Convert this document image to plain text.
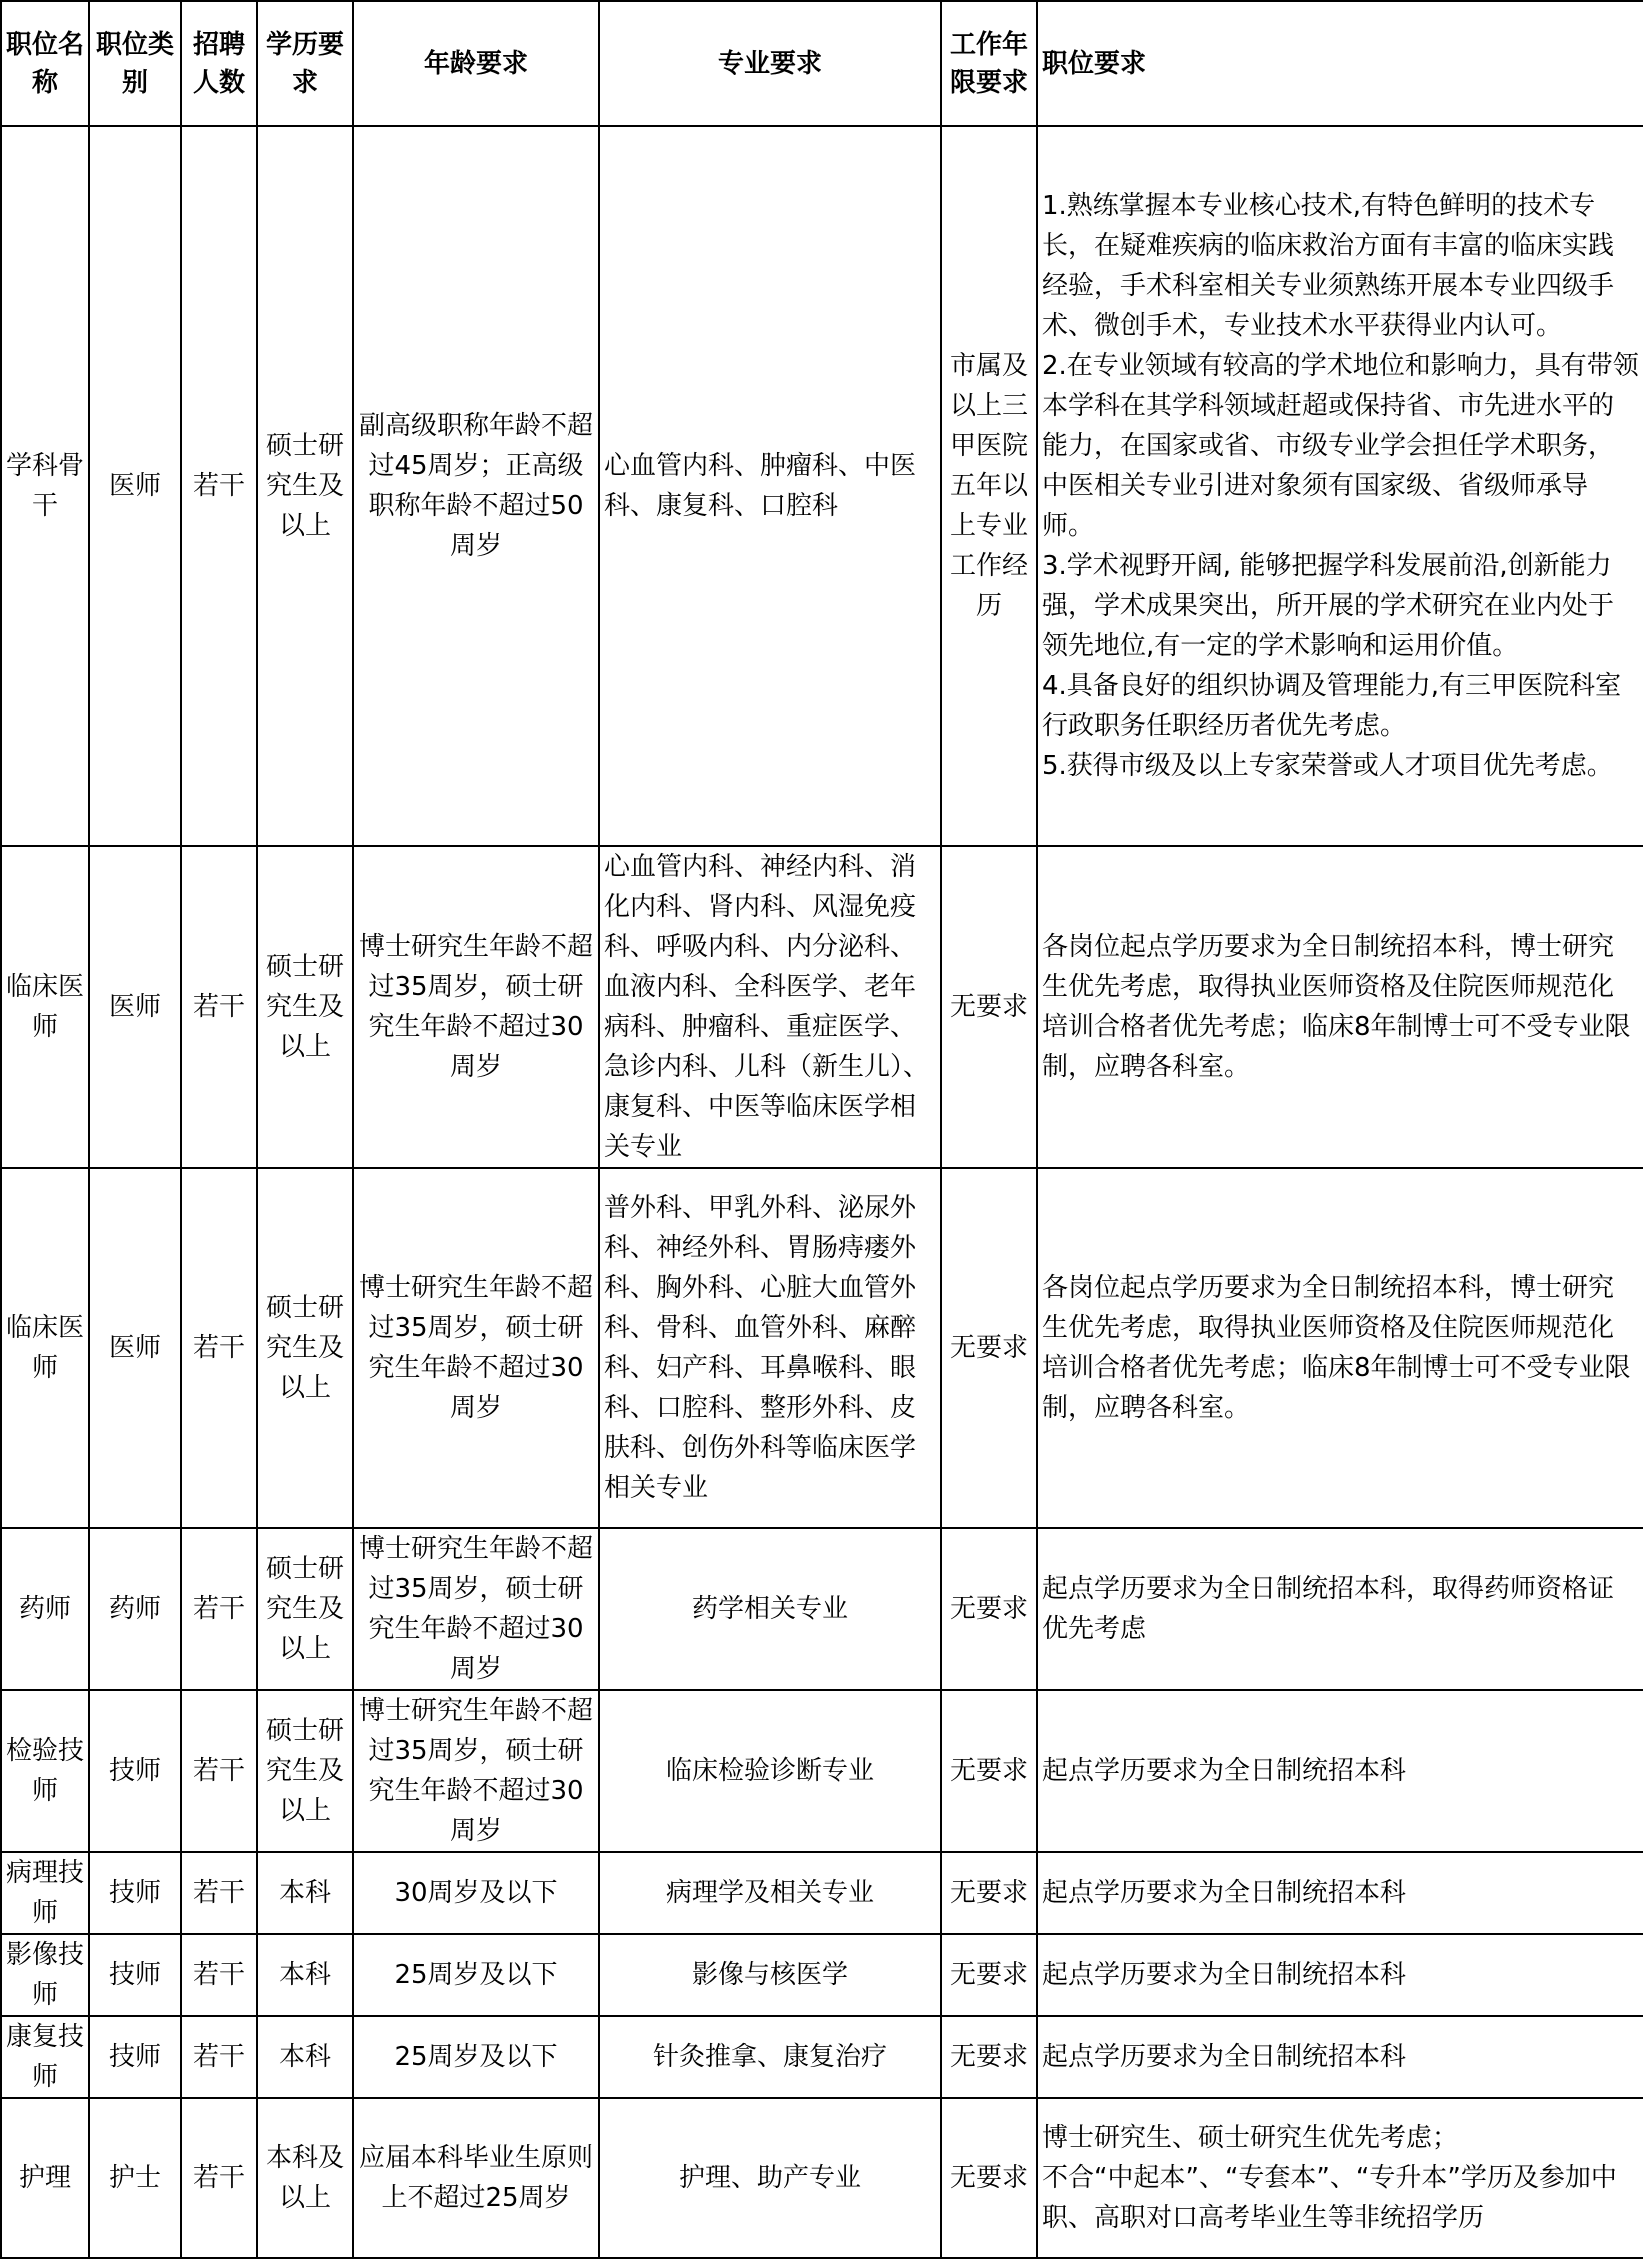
职位名称	职位类别	招聘人数	学历要求	年龄要求	专业要求	工作年限要求	职位要求
学科骨干	医师	若干	硕士研究生及以上	副高级职称年龄不超过45周岁；正高级职称年龄不超过50周岁	心血管内科、肿瘤科、中医科、康复科、口腔科	市属及以上三甲医院五年以上专业工作经历	1.熟练掌握本专业核心技术,有特色鲜明的技术专长，在疑难疾病的临床救治方面有丰富的临床实践经验，手术科室相关专业须熟练开展本专业四级手术、微创手术，专业技术水平获得业内认可。
2.在专业领域有较高的学术地位和影响力，具有带领本学科在其学科领域赶超或保持省、市先进水平的能力，在国家或省、市级专业学会担任学术职务，中医相关专业引进对象须有国家级、省级师承导师。
3.学术视野开阔, 能够把握学科发展前沿,创新能力强，学术成果突出，所开展的学术研究在业内处于领先地位,有一定的学术影响和运用价值。
4.具备良好的组织协调及管理能力,有三甲医院科室行政职务任职经历者优先考虑。
5.获得市级及以上专家荣誉或人才项目优先考虑。

临床医师	医师	若干	硕士研究生及以上	博士研究生年龄不超过35周岁，硕士研究生年龄不超过30周岁	心血管内科、神经内科、消化内科、肾内科、风湿免疫科、呼吸内科、内分泌科、血液内科、全科医学、老年病科、肿瘤科、重症医学、急诊内科、儿科（新生儿）、康复科、中医等临床医学相关专业	无要求	各岗位起点学历要求为全日制统招本科，博士研究生优先考虑，取得执业医师资格及住院医师规范化培训合格者优先考虑；临床8年制博士可不受专业限制，应聘各科室。

临床医师	医师	若干	硕士研究生及以上	博士研究生年龄不超过35周岁，硕士研究生年龄不超过30周岁	普外科、甲乳外科、泌尿外科、神经外科、胃肠痔瘘外科、胸外科、心脏大血管外科、骨科、血管外科、麻醉科、妇产科、耳鼻喉科、眼科、口腔科、整形外科、皮肤科、创伤外科等临床医学相关专业	无要求	各岗位起点学历要求为全日制统招本科，博士研究生优先考虑，取得执业医师资格及住院医师规范化培训合格者优先考虑；临床8年制博士可不受专业限制，应聘各科室。

药师	药师	若干	硕士研究生及以上	博士研究生年龄不超过35周岁，硕士研究生年龄不超过30周岁	药学相关专业	无要求	起点学历要求为全日制统招本科，取得药师资格证优先考虑

检验技师	技师	若干	硕士研究生及以上	博士研究生年龄不超过35周岁，硕士研究生年龄不超过30周岁	临床检验诊断专业	无要求	起点学历要求为全日制统招本科

病理技师	技师	若干	本科	30周岁及以下	病理学及相关专业	无要求	起点学历要求为全日制统招本科

影像技师	技师	若干	本科	25周岁及以下	影像与核医学	无要求	起点学历要求为全日制统招本科

康复技师	技师	若干	本科	25周岁及以下	针灸推拿、康复治疗	无要求	起点学历要求为全日制统招本科

护理	护士	若干	本科及以上	应届本科毕业生原则上不超过25周岁	护理、助产专业	无要求	博士研究生、硕士研究生优先考虑；
不合“中起本”、“专套本”、“专升本”学历及参加中职、高职对口高考毕业生等非统招学历
